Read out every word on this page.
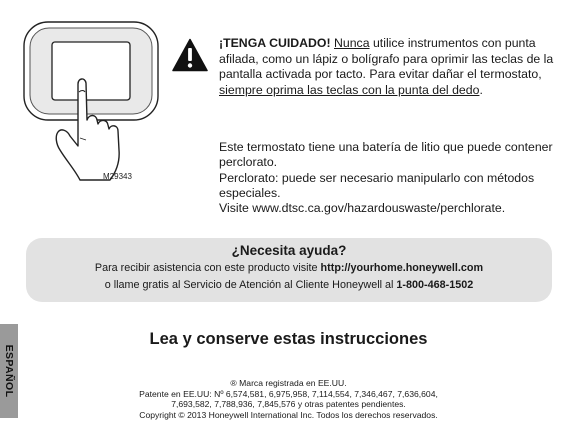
M29343
¡TENGA CUIDADO! Nunca utilice instrumentos con punta afilada, como un lápiz o bolígrafo para oprimir las teclas de la pantalla activada por tacto. Para evitar dañar el termostato, siempre oprima las teclas con la punta del dedo.

Este termostato tiene una batería de litio que puede contener perclorato.

Perclorato: puede ser necesario manipularlo con métodos especiales.

Visite www.dtsc.ca.gov/hazardouswaste/perchlorate.

¿Necesita ayuda?
Para recibir asistencia con este producto visite http://yourhome.honeywell.com
o llame gratis al Servicio de Atención al Cliente Honeywell al 1-800-468-1502
ESPAÑOL
Lea y conserve estas instrucciones
® Marca registrada en EE.UU.
Patente en EE.UU: Nº 6,574,581, 6,975,958, 7,114,554, 7,346,467, 7,636,604,
7,693,582, 7,788,936, 7,845,576 y otras patentes pendientes.
Copyright © 2013 Honeywell International Inc. Todos los derechos reservados.
